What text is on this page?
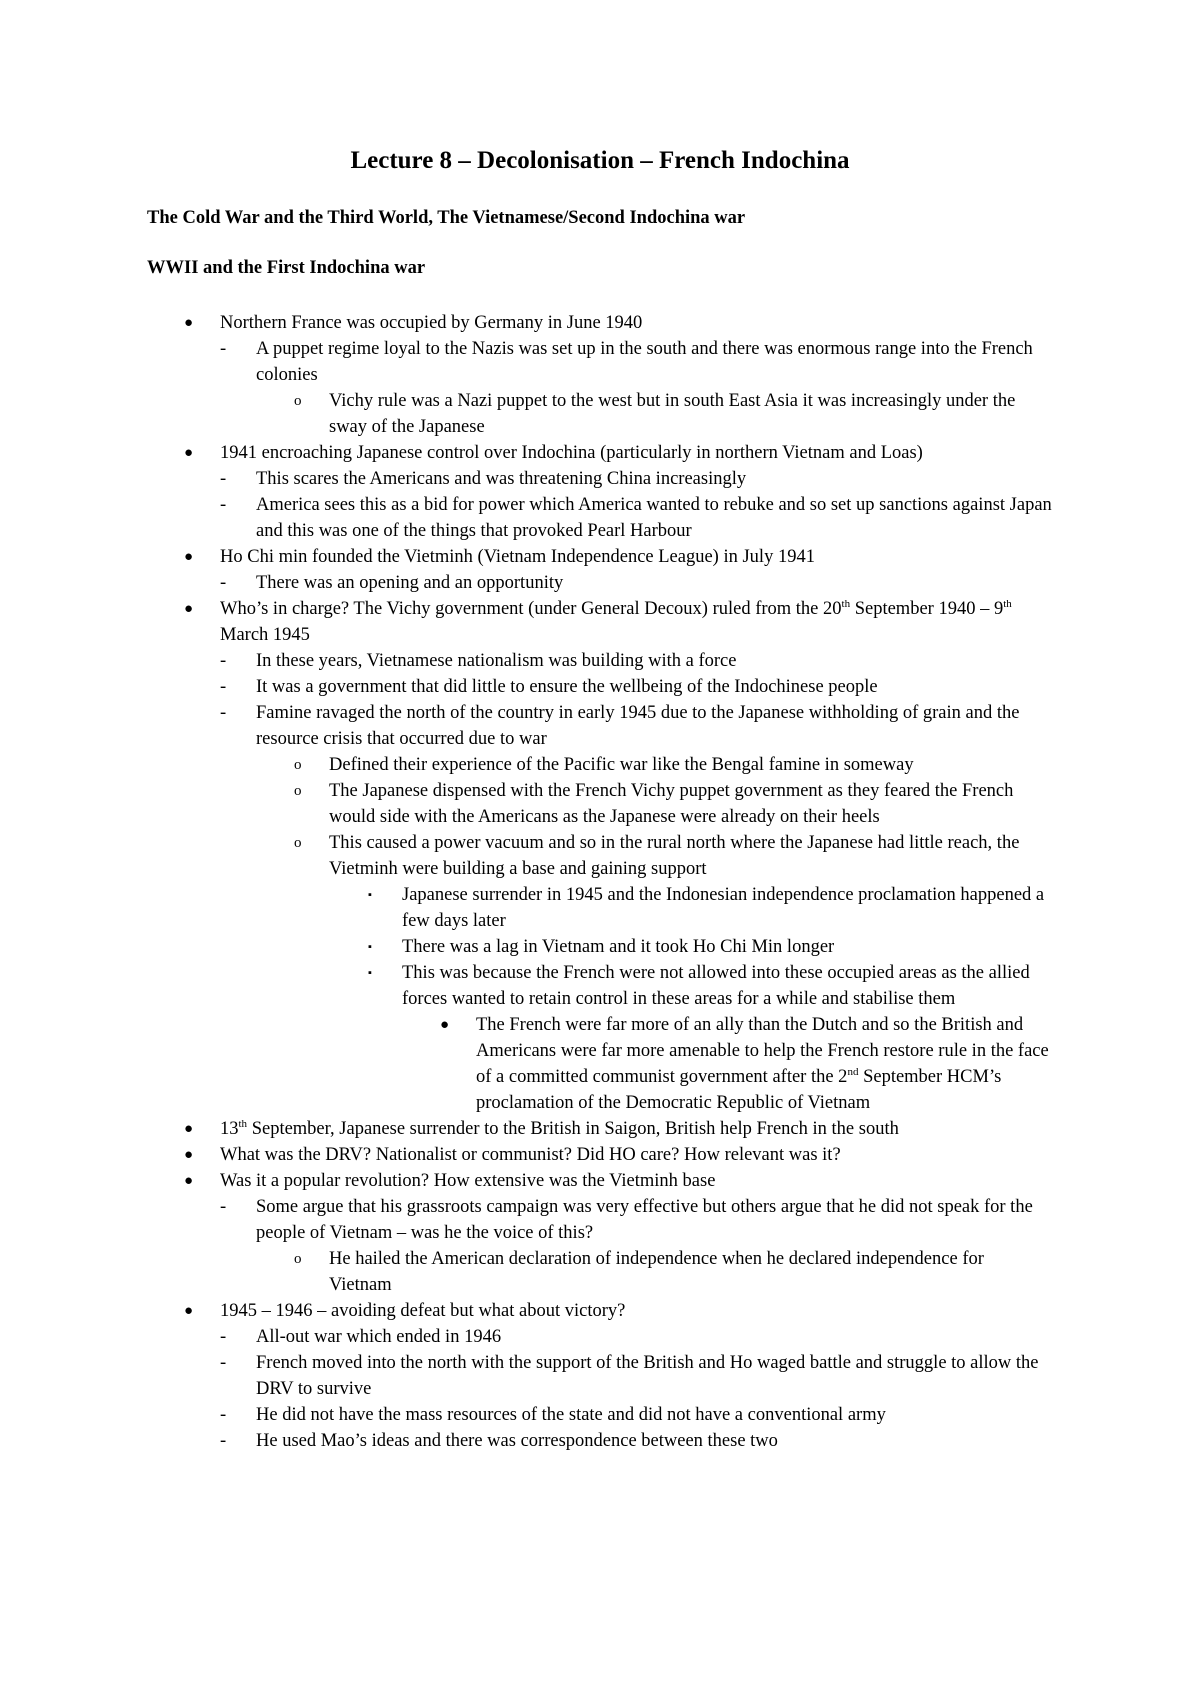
Lecture 8 – Decolonisation – French Indochina
The Cold War and the Third World, The Vietnamese/Second Indochina war
WWII and the First Indochina war
● Northern France was occupied by Germany in June 1940
- A puppet regime loyal to the Nazis was set up in the south and there was enormous range into the French colonies
o Vichy rule was a Nazi puppet to the west but in south East Asia it was increasingly under the sway of the Japanese
● 1941 encroaching Japanese control over Indochina (particularly in northern Vietnam and Loas)
- This scares the Americans and was threatening China increasingly
- America sees this as a bid for power which America wanted to rebuke and so set up sanctions against Japan and this was one of the things that provoked Pearl Harbour
● Ho Chi min founded the Vietminh (Vietnam Independence League) in July 1941
- There was an opening and an opportunity
● Who’s in charge? The Vichy government (under General Decoux) ruled from the 20th September 1940 – 9th March 1945
- In these years, Vietnamese nationalism was building with a force
- It was a government that did little to ensure the wellbeing of the Indochinese people
- Famine ravaged the north of the country in early 1945 due to the Japanese withholding of grain and the resource crisis that occurred due to war
o Defined their experience of the Pacific war like the Bengal famine in someway
o The Japanese dispensed with the French Vichy puppet government as they feared the French would side with the Americans as the Japanese were already on their heels
o This caused a power vacuum and so in the rural north where the Japanese had little reach, the Vietminh were building a base and gaining support
▪ Japanese surrender in 1945 and the Indonesian independence proclamation happened a few days later
▪ There was a lag in Vietnam and it took Ho Chi Min longer
▪ This was because the French were not allowed into these occupied areas as the allied forces wanted to retain control in these areas for a while and stabilise them
● The French were far more of an ally than the Dutch and so the British and Americans were far more amenable to help the French restore rule in the face of a committed communist government after the 2nd September HCM’s proclamation of the Democratic Republic of Vietnam
● 13th September, Japanese surrender to the British in Saigon, British help French in the south
● What was the DRV? Nationalist or communist? Did HO care? How relevant was it?
● Was it a popular revolution? How extensive was the Vietminh base
- Some argue that his grassroots campaign was very effective but others argue that he did not speak for the people of Vietnam – was he the voice of this?
o He hailed the American declaration of independence when he declared independence for Vietnam
● 1945 – 1946 – avoiding defeat but what about victory?
- All-out war which ended in 1946
- French moved into the north with the support of the British and Ho waged battle and struggle to allow the DRV to survive
- He did not have the mass resources of the state and did not have a conventional army
- He used Mao’s ideas and there was correspondence between these two
